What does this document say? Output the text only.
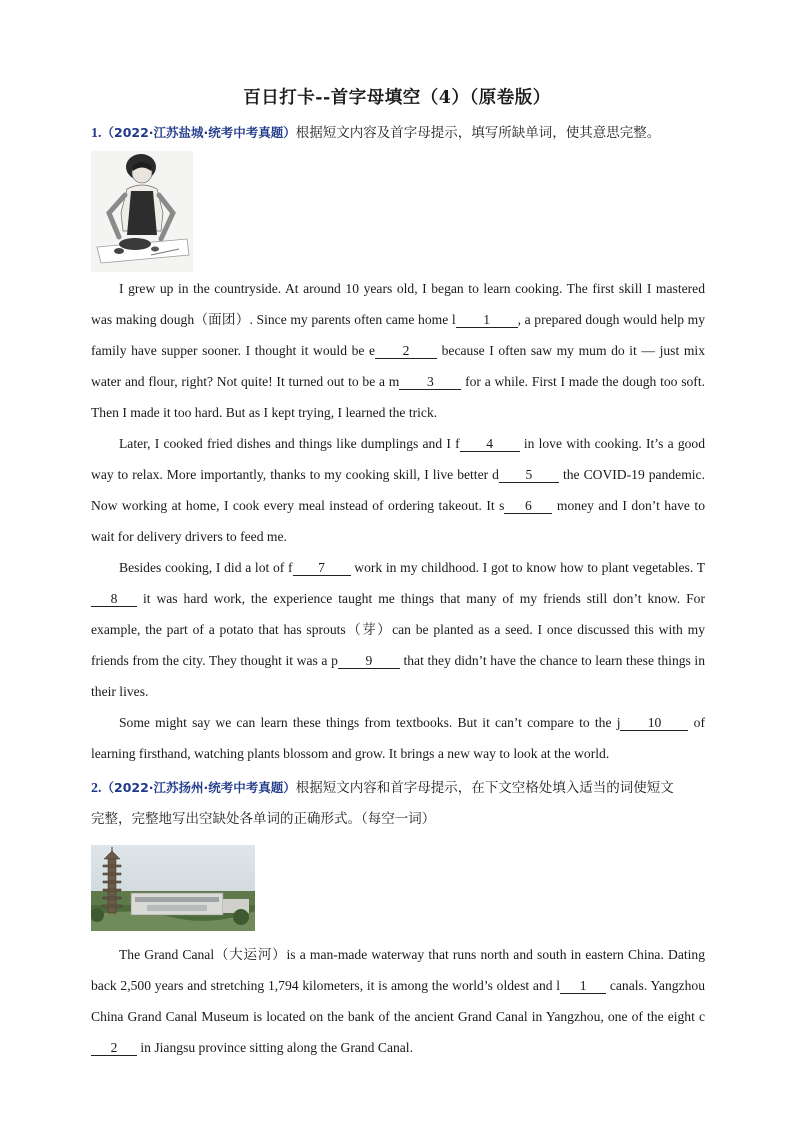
百日打卡--首字母填空（4）（原卷版）
1.（2022·江苏盐城·统考中考真题）根据短文内容及首字母提示，填写所缺单词，使其意思完整。

I grew up in the countryside. At around 10 years old, I began to learn cooking. The first skill I mastered was making dough（面团）. Since my parents often came home l 1 , a prepared dough would help my family have supper sooner. I thought it would be e 2 because I often saw my mum do it — just mix water and flour, right? Not quite! It turned out to be a m 3 for a while. First I made the dough too soft. Then I made it too hard. But as I kept trying, I learned the trick.

Later, I cooked fried dishes and things like dumplings and I f 4 in love with cooking. It’s a good way to relax. More importantly, thanks to my cooking skill, I live better d 5 the COVID-19 pandemic. Now working at home, I cook every meal instead of ordering takeout. It s 6 money and I don’t have to wait for delivery drivers to feed me.

Besides cooking, I did a lot of f 7 work in my childhood. I got to know how to plant vegetables. T8 it was hard work, the experience taught me things that many of my friends still don’t know. For example, the part of a potato that has sprouts（芽）can be planted as a seed. I once discussed this with my friends from the city. They thought it was a p 9 that they didn’t have the chance to learn these things in their lives.

Some might say we can learn these things from textbooks. But it can’t compare to the j 10 of learning firsthand, watching plants blossom and grow. It brings a new way to look at the world.

2.（2022·江苏扬州·统考中考真题）根据短文内容和首字母提示，在下文空格处填入适当的词使短文
完整，完整地写出空缺处各单词的正确形式。（每空一词）

The Grand Canal（大运河）is a man-made waterway that runs north and south in eastern China. Dating back 2,500 years and stretching 1,794 kilometers, it is among the world’s oldest and l 1 canals. Yangzhou China Grand Canal Museum is located on the bank of the ancient Grand Canal in Yangzhou, one of the eight c2 in Jiangsu province sitting along the Grand Canal.
